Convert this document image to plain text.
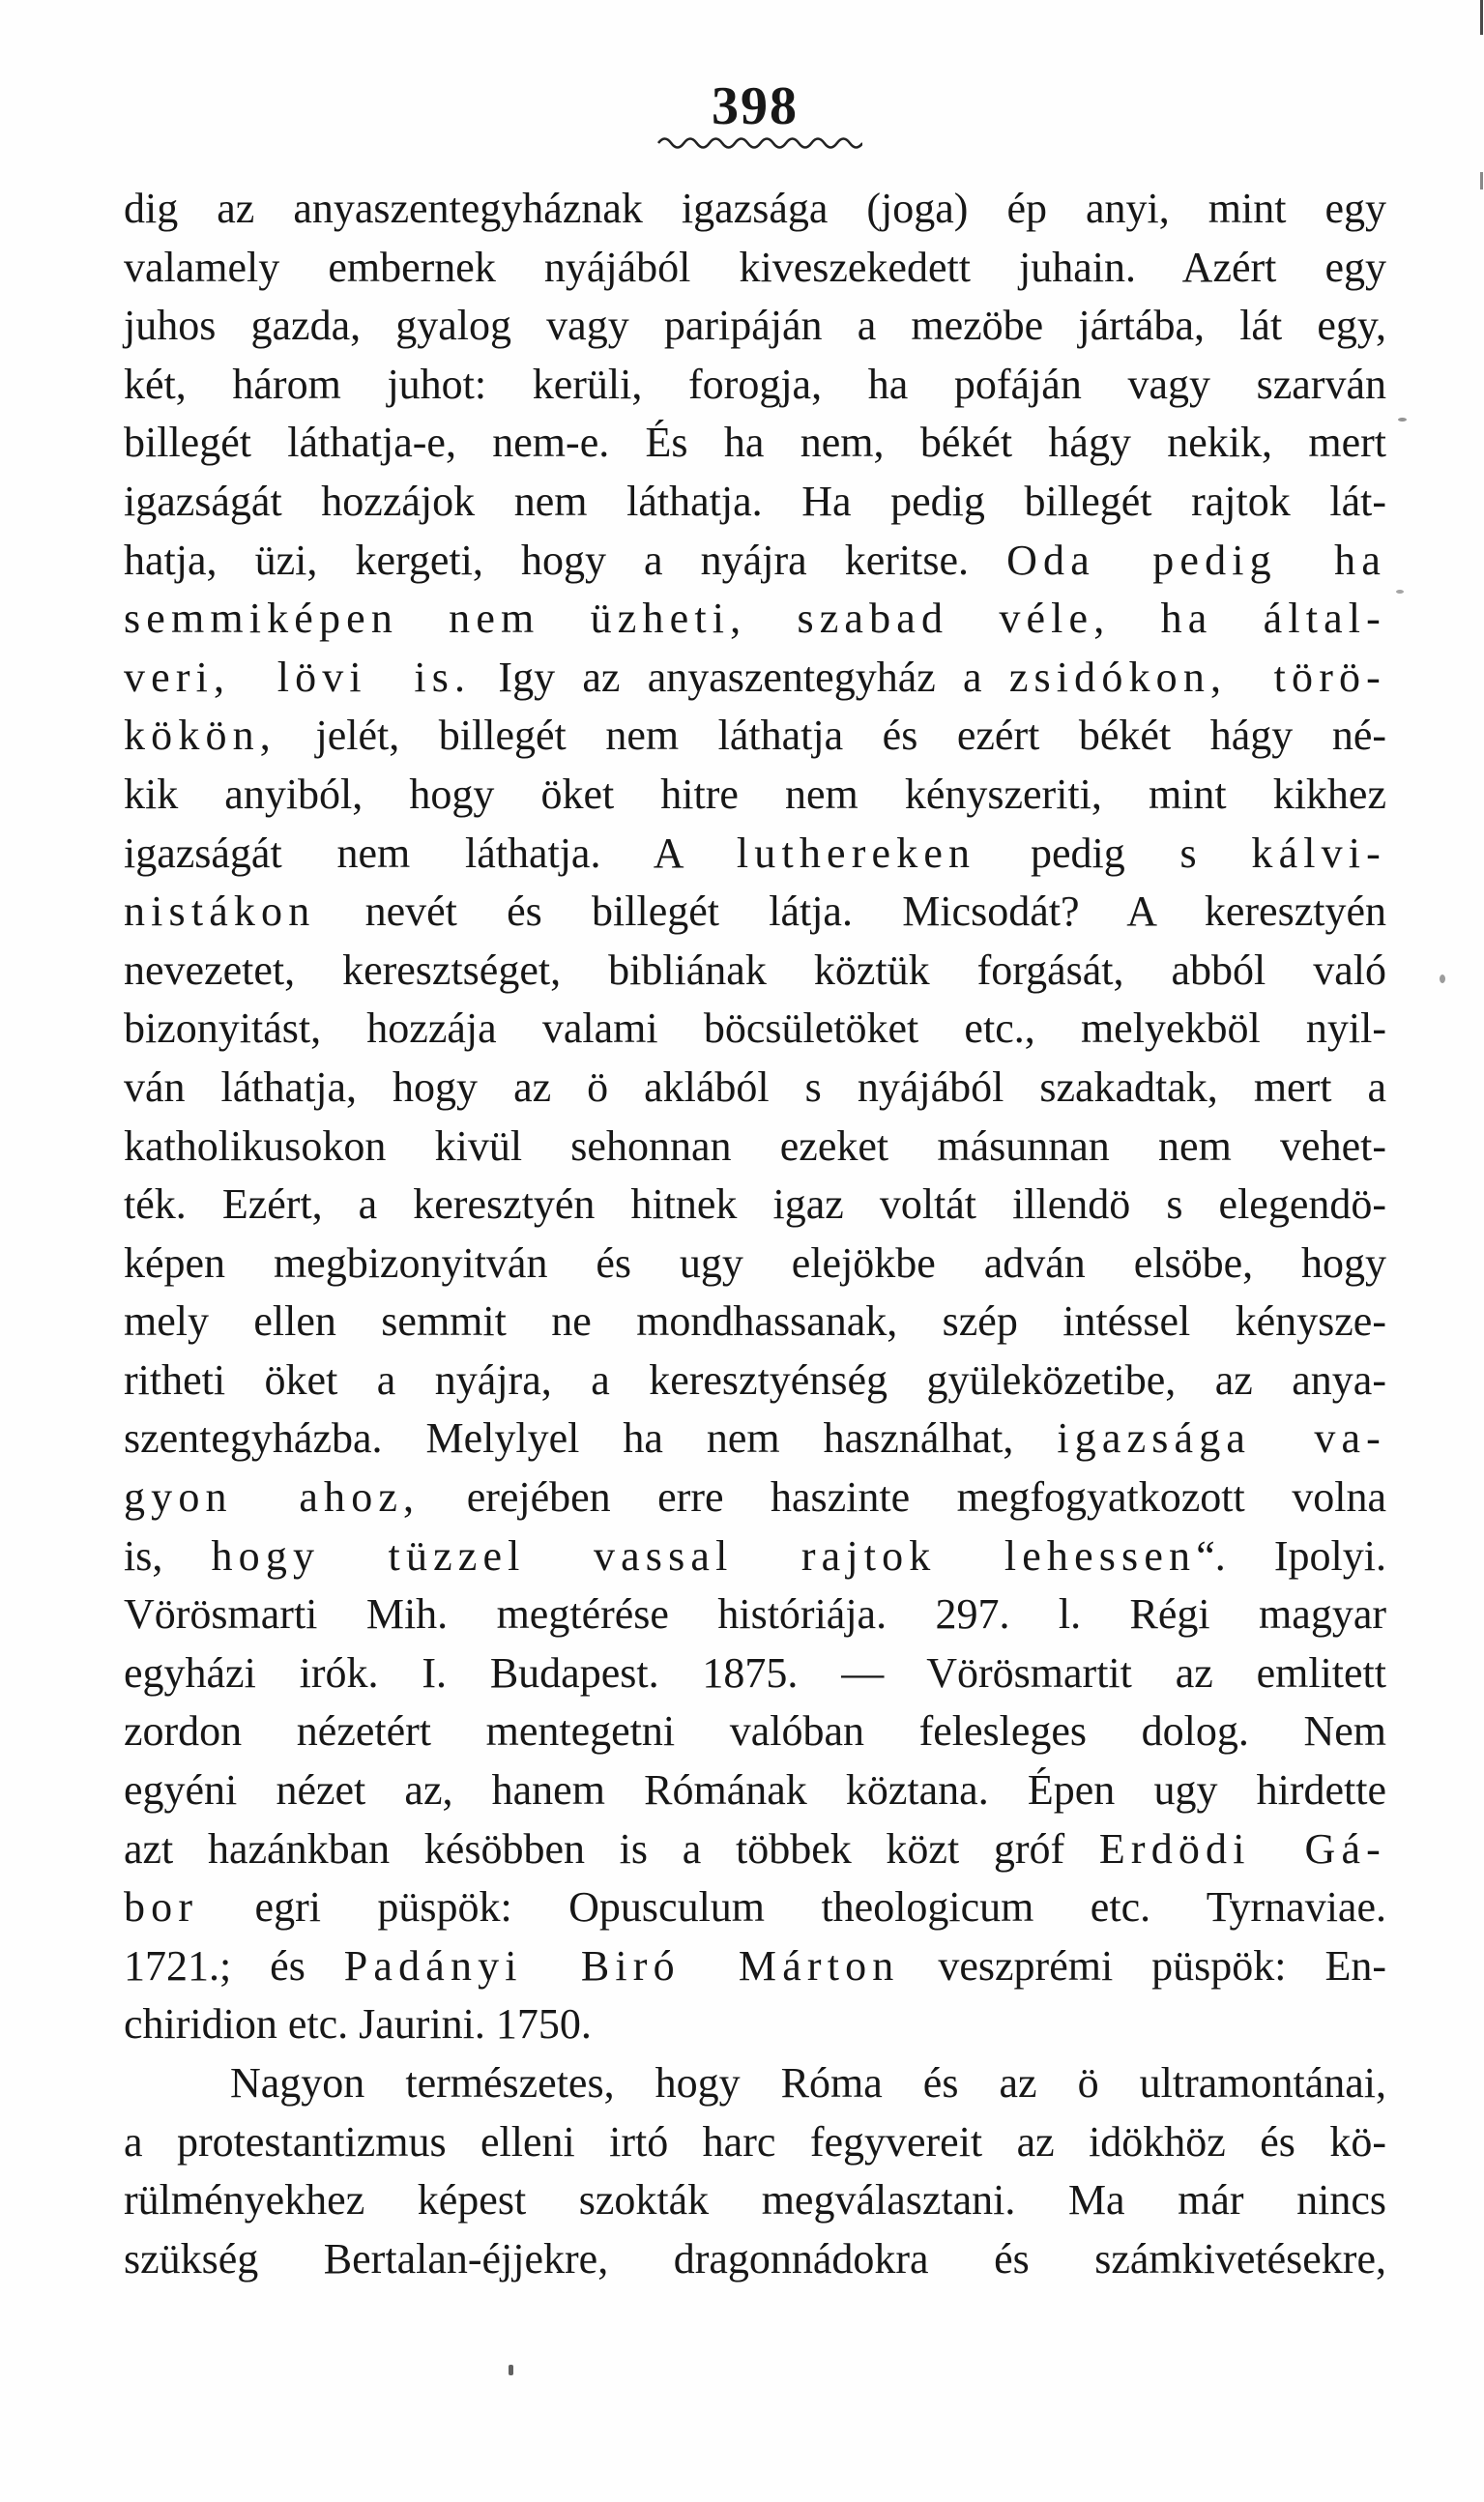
398
dig az anyaszentegyháznak igazsága (joga) ép anyi, mint egy
valamely embernek nyájából kiveszekedett juhain. Azért egy
juhos gazda, gyalog vagy paripáján a mezöbe jártába, lát egy,
két, három juhot: kerüli, forogja, ha pofáján vagy szarván
billegét láthatja-e, nem-e. És ha nem, békét hágy nekik, mert
igazságát hozzájok nem láthatja. Ha pedig billegét rajtok lát-
hatja, üzi, kergeti, hogy a nyájra keritse. Oda pedig ha
semmiképen nem üzheti, szabad véle, ha által-
veri, lövi is. Igy az anyaszentegyház a zsidókon, törö-
kökön, jelét, billegét nem láthatja és ezért békét hágy né-
kik anyiból, hogy öket hitre nem kényszeriti, mint kikhez
igazságát nem láthatja. A luthereken pedig s kálvi-
nistákon nevét és billegét látja. Micsodát? A keresztyén
nevezetet, keresztséget, bibliának köztük forgását, abból való
bizonyitást, hozzája valami böcsületöket etc., melyekböl nyil-
ván láthatja, hogy az ö aklából s nyájából szakadtak, mert a
katholikusokon kivül sehonnan ezeket másunnan nem vehet-
ték. Ezért, a keresztyén hitnek igaz voltát illendö s elegendö-
képen megbizonyitván és ugy elejökbe adván elsöbe, hogy
mely ellen semmit ne mondhassanak, szép intéssel kénysze-
ritheti öket a nyájra, a keresztyénség gyüleközetibe, az anya-
szentegyházba. Melylyel ha nem használhat, igazsága va-
gyon ahoz, erejében erre haszinte megfogyatkozott volna
is, hogy tüzzel vassal rajtok lehessen“. Ipolyi.
Vörösmarti Mih. megtérése históriája. 297. l. Régi magyar
egyházi irók. I. Budapest. 1875. — Vörösmartit az emlitett
zordon nézetért mentegetni valóban felesleges dolog. Nem
egyéni nézet az, hanem Rómának köztana. Épen ugy hirdette
azt hazánkban késöbben is a többek közt gróf Erdödi Gá-
bor egri püspök: Opusculum theologicum etc. Tyrnaviae.
1721.; és Padányi Biró Márton veszprémi püspök: En-
chiridion etc. Jaurini. 1750.
Nagyon természetes, hogy Róma és az ö ultramontánai,
a protestantizmus elleni irtó harc fegyvereit az idökhöz és kö-
rülményekhez képest szokták megválasztani. Ma már nincs
szükség Bertalan-éjjekre, dragonnádokra és számkivetésekre,
